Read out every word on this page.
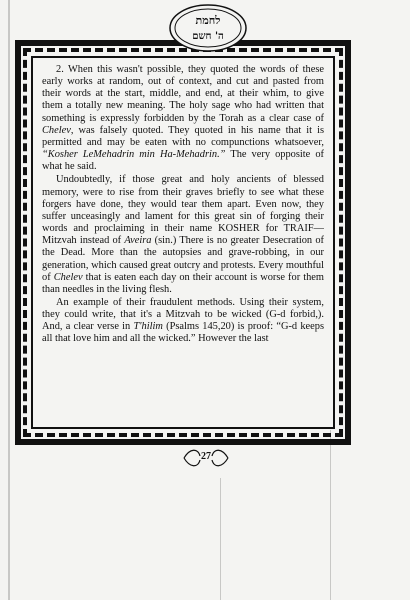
לחמת
ה' חשם

2. When this wasn't possible, they quoted the words of these early works at random, out of context, and cut and pasted from their words at the start, middle, and end, at their whim, to give them a totally new meaning. The holy sage who had written that something is expressly forbidden by the Torah as a clear case of Chelev, was falsely quoted. They quoted in his name that it is permitted and may be eaten with no compunctions whatsoever, “Kosher LeMehadrin min Ha-Mehadrin.” The very opposite of what he said.

Undoubtedly, if those great and holy ancients of blessed memory, were to rise from their graves briefly to see what these forgers have done, they would tear them apart. Even now, they suffer unceasingly and lament for this great sin of forging their words and proclaiming in their name KOSHER for TRAIF—Mitzvah instead of Aveira (sin.) There is no greater Desecration of the Dead. More than the autopsies and grave-robbing, in our generation, which caused great outcry and protests. Every mouthful of Chelev that is eaten each day on their account is worse for them than needles in the living flesh.

An example of their fraudulent methods. Using their system, they could write, that it's a Mitzvah to be wicked (G-d forbid,). And, a clear verse in T'hilim (Psalms 145,20) is proof: “G-d keeps all that love him and all the wicked.” However the last

27
